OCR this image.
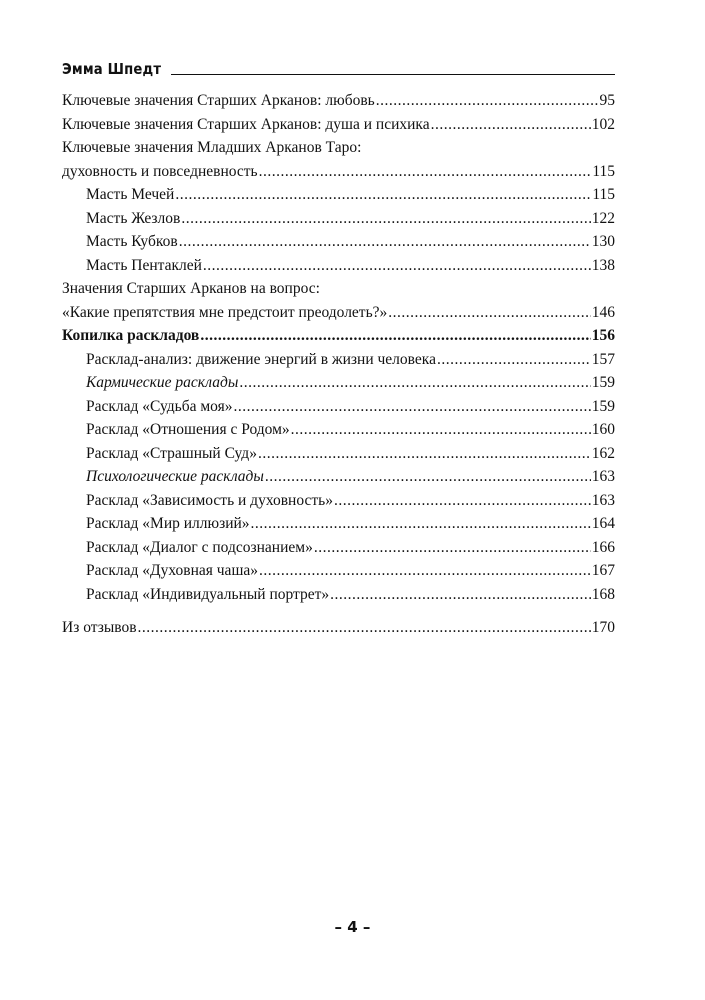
Эмма Шпедт
Ключевые значения Старших Арканов: любовь .....	95
Ключевые значения Старших Арканов: душа и психика .....	102
Ключевые значения Младших Арканов Таро:
духовность и повседневность .....	115
Масть Мечей .....	115
Масть Жезлов .....	122
Масть Кубков .....	130
Масть Пентаклей .....	138
Значения Старших Арканов на вопрос:
«Какие препятствия мне предстоит преодолеть?» .....	146
Копилка раскладов .....	156
Расклад-анализ: движение энергий в жизни человека .....	157
Кармические расклады .....	159
Расклад «Судьба моя» .....	159
Расклад «Отношения с Родом» .....	160
Расклад «Страшный Суд» .....	162
Психологические расклады .....	163
Расклад «Зависимость и духовность» .....	163
Расклад «Мир иллюзий» .....	164
Расклад «Диалог с подсознанием» .....	166
Расклад «Духовная чаша» .....	167
Расклад «Индивидуальный портрет» .....	168
Из отзывов .....	170
– 4 –
